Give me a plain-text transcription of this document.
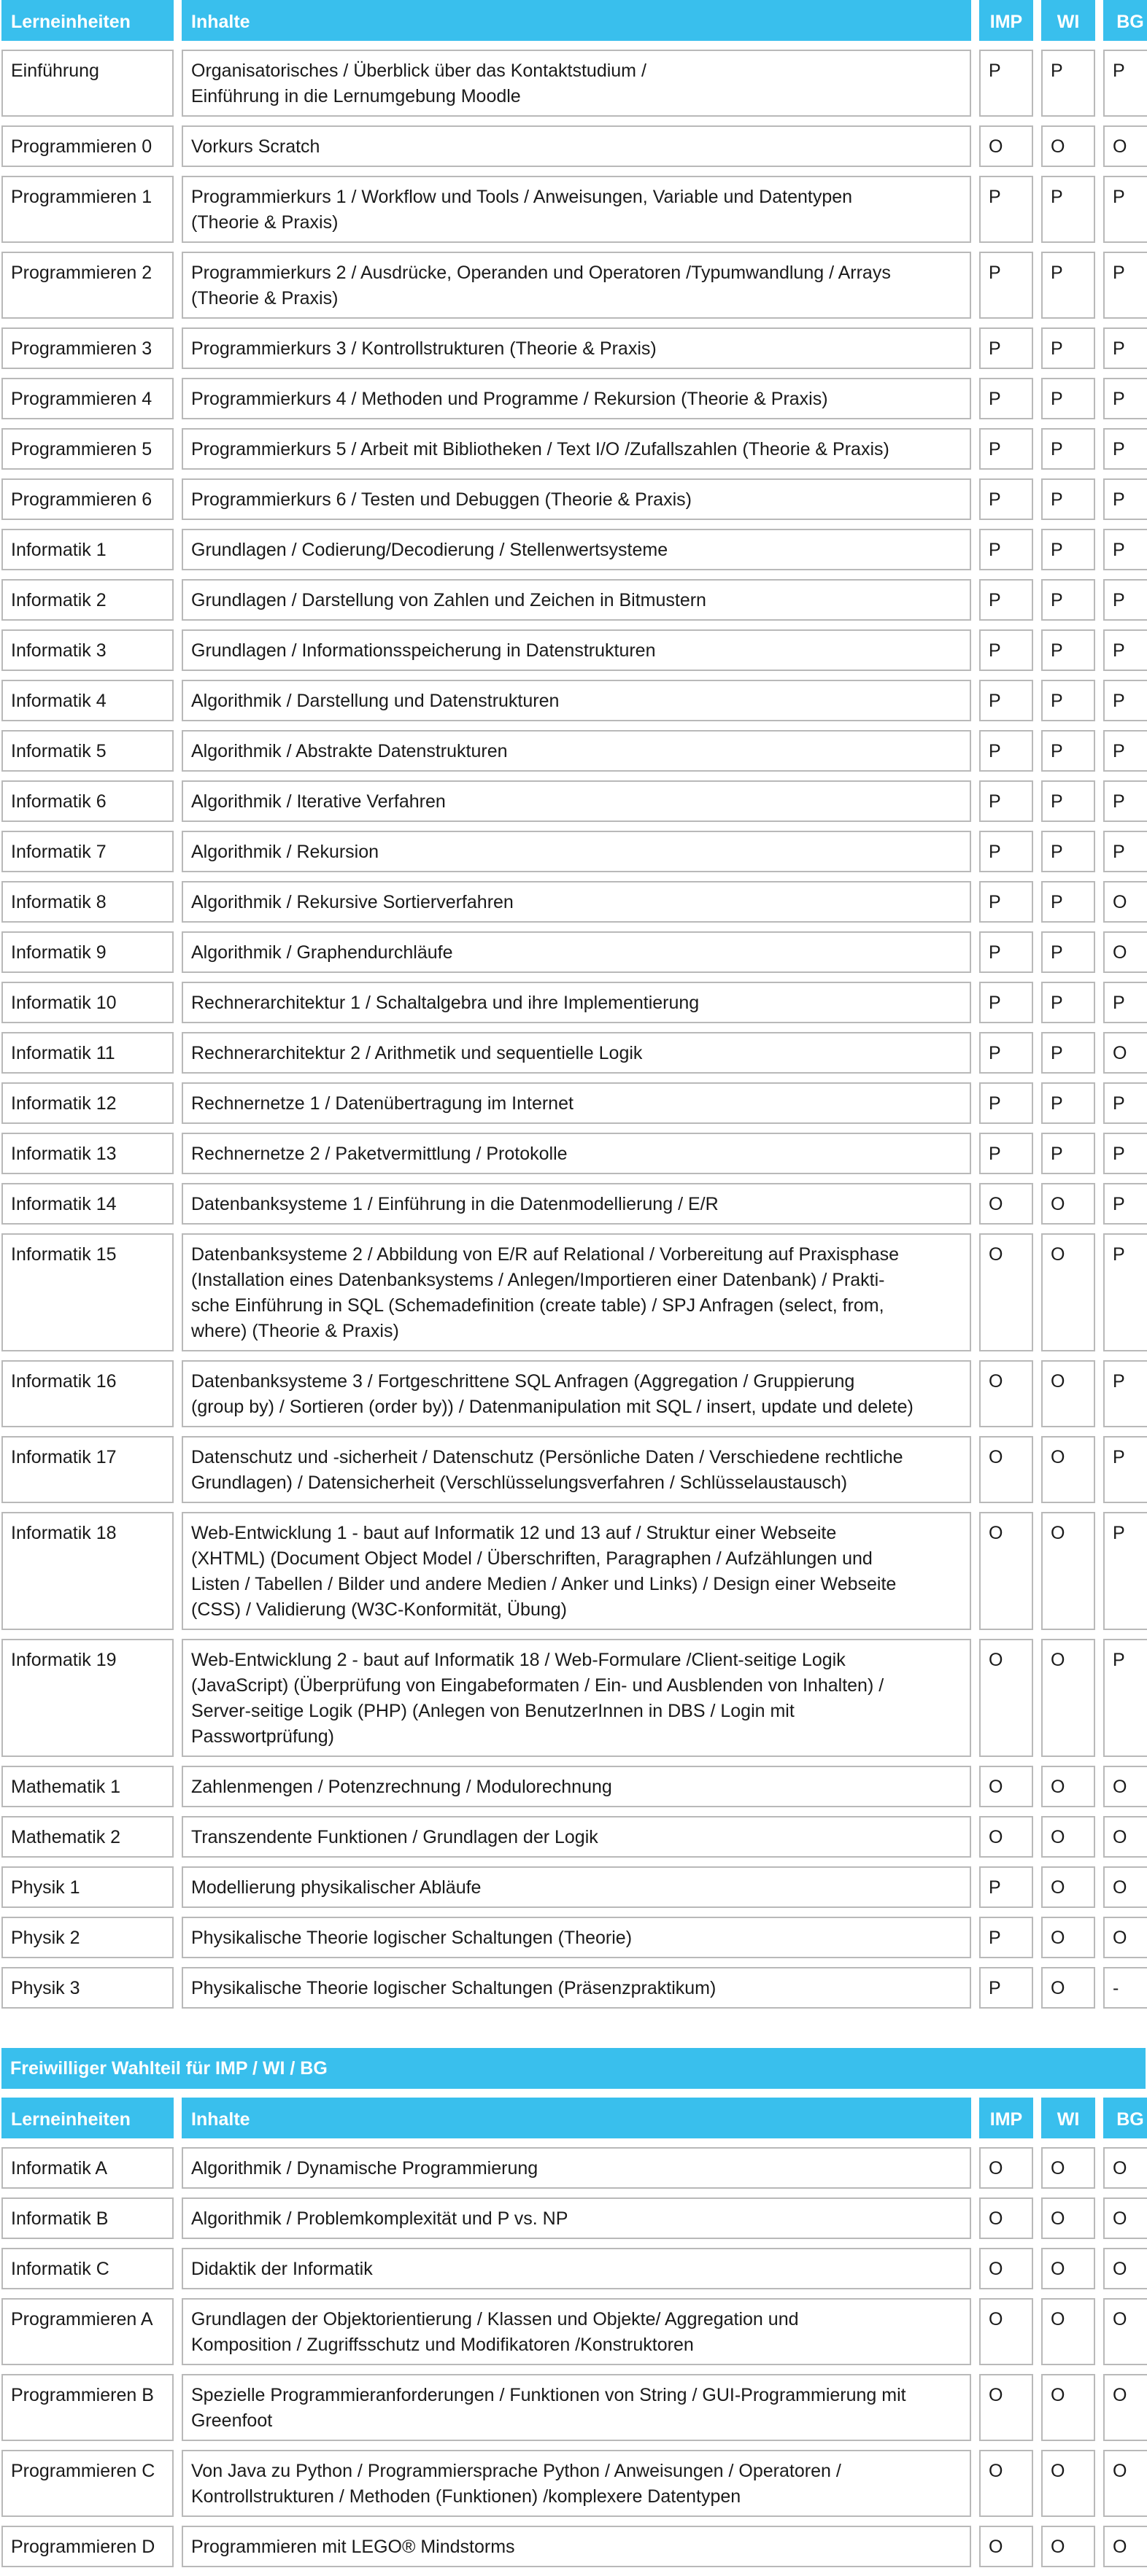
Lerneinheiten	Inhalte	IMP	WI	BG
Einführung	Organisatorisches / Überblick über das Kontaktstudium /
Einführung in die Lernumgebung Moodle
P	P	P
Programmieren 0	Vorkurs Scratch	O	O	O
Programmieren 1	Programmierkurs 1 / Workflow und Tools / Anweisungen, Variable und Datentypen
(Theorie & Praxis)
P	P	P
Programmieren 2	Programmierkurs 2 / Ausdrücke, Operanden und Operatoren /Typumwandlung / Arrays
(Theorie & Praxis)
P	P	P
Programmieren 3	Programmierkurs 3 / Kontrollstrukturen (Theorie & Praxis)	P	P	P
Programmieren 4	Programmierkurs 4 / Methoden und Programme / Rekursion (Theorie & Praxis)	P	P	P
Programmieren 5	Programmierkurs 5 / Arbeit mit Bibliotheken / Text I/O /Zufallszahlen (Theorie & Praxis)	P	P	P
Programmieren 6	Programmierkurs 6 / Testen und Debuggen (Theorie & Praxis)	P	P	P
Informatik 1	Grundlagen / Codierung/Decodierung / Stellenwertsysteme	P	P	P
Informatik 2	Grundlagen / Darstellung von Zahlen und Zeichen in Bitmustern	P	P	P
Informatik 3	Grundlagen / Informationsspeicherung in Datenstrukturen	P	P	P
Informatik 4	Algorithmik / Darstellung und Datenstrukturen	P	P	P
Informatik 5	Algorithmik / Abstrakte Datenstrukturen	P	P	P
Informatik 6	Algorithmik / Iterative Verfahren	P	P	P
Informatik 7	Algorithmik / Rekursion	P	P	P
Informatik 8	Algorithmik / Rekursive Sortierverfahren	P	P	O
Informatik 9	Algorithmik / Graphendurchläufe	P	P	O
Informatik 10	Rechnerarchitektur 1 / Schaltalgebra und ihre Implementierung	P	P	P
Informatik 11	Rechnerarchitektur 2 / Arithmetik und sequentielle Logik	P	P	O
Informatik 12	Rechnernetze 1 / Datenübertragung im Internet	P	P	P
Informatik 13	Rechnernetze 2 / Paketvermittlung / Protokolle	P	P	P
Informatik 14	Datenbanksysteme 1 / Einführung in die Datenmodellierung / E/R	O	O	P
Informatik 15	Datenbanksysteme 2 / Abbildung von E/R auf Relational / Vorbereitung auf Praxisphase
(Installation eines Datenbanksystems / Anlegen/Importieren einer Datenbank) / Prakti-
sche Einführung in SQL (Schemadefinition (create table) / SPJ Anfragen (select, from,
where) (Theorie & Praxis)
O	O	P
Informatik 16	Datenbanksysteme 3 / Fortgeschrittene SQL Anfragen (Aggregation / Gruppierung
(group by) / Sortieren (order by)) / Datenmanipulation mit SQL / insert, update und delete)
O	O	P
Informatik 17	Datenschutz und -sicherheit / Datenschutz (Persönliche Daten / Verschiedene rechtliche
Grundlagen) / Datensicherheit (Verschlüsselungsverfahren / Schlüsselaustausch)
O	O	P
Informatik 18	Web-Entwicklung 1 - baut auf Informatik 12 und 13 auf / Struktur einer Webseite
(XHTML) (Document Object Model / Überschriften, Paragraphen / Aufzählungen und
Listen / Tabellen / Bilder und andere Medien / Anker und Links) / Design einer Webseite
(CSS) / Validierung (W3C-Konformität, Übung)
O	O	P
Informatik 19	Web-Entwicklung 2 - baut auf Informatik 18 / Web-Formulare /Client-seitige Logik
(JavaScript) (Überprüfung von Eingabeformaten / Ein- und Ausblenden von Inhalten) /
Server-seitige Logik (PHP) (Anlegen von BenutzerInnen in DBS / Login mit
Passwortprüfung)
O	O	P
Mathematik 1	Zahlenmengen / Potenzrechnung / Modulorechnung	O	O	O
Mathematik 2	Transzendente Funktionen / Grundlagen der Logik	O	O	O
Physik 1	Modellierung physikalischer Abläufe	P	O	O
Physik 2	Physikalische Theorie logischer Schaltungen (Theorie)	P	O	O
Physik 3	Physikalische Theorie logischer Schaltungen (Präsenzpraktikum)	P	O	-
Freiwilliger Wahlteil für IMP / WI / BG
Lerneinheiten	Inhalte	IMP	WI	BG
Informatik A	Algorithmik / Dynamische Programmierung	O	O	O
Informatik B	Algorithmik / Problemkomplexität und P vs. NP	O	O	O
Informatik C	Didaktik der Informatik	O	O	O
Programmieren A	Grundlagen der Objektorientierung / Klassen und Objekte/ Aggregation und
Komposition / Zugriffsschutz und Modifikatoren /Konstruktoren
O	O	O
Programmieren B	Spezielle Programmieranforderungen / Funktionen von String / GUI-Programmierung mit
Greenfoot
O	O	O
Programmieren C	Von Java zu Python / Programmiersprache Python / Anweisungen / Operatoren /
Kontrollstrukturen / Methoden (Funktionen) /komplexere Datentypen
O	O	O
Programmieren D	Programmieren mit LEGO® Mindstorms	O	O	O
